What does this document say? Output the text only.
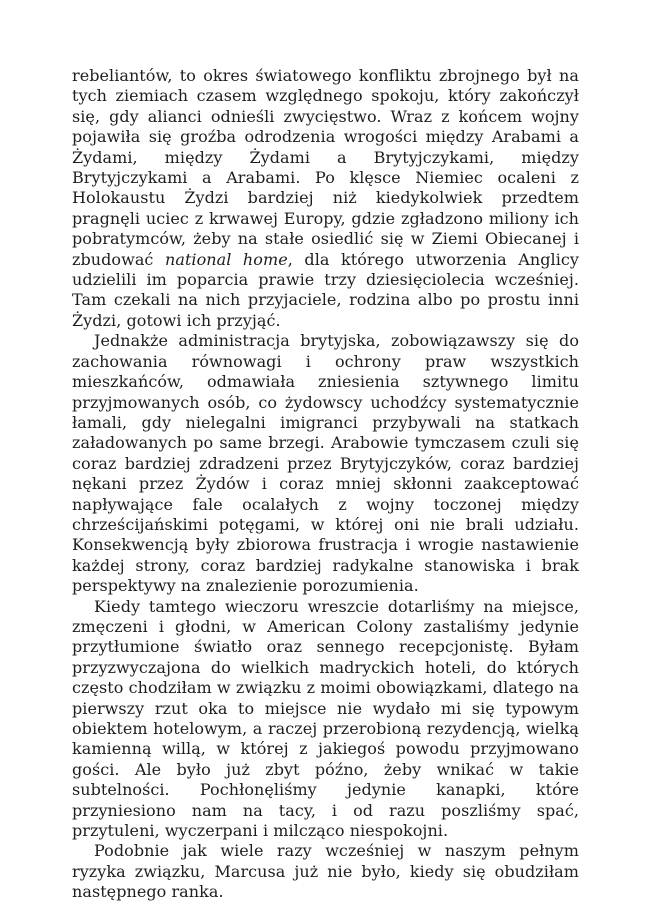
rebeliantów, to okres światowego konfliktu zbrojnego był na tych ziemiach czasem względnego spokoju, który zakończył się, gdy alianci odnieśli zwycięstwo. Wraz z końcem wojny pojawiła się groźba odrodzenia wrogości między Arabami a Żydami, między Żydami a Brytyjczykami, między Brytyjczykami a Arabami. Po klęsce Niemiec ocaleni z Holokaustu Żydzi bardziej niż kiedykolwiek przedtem pragnęli uciec z krwawej Europy, gdzie zgładzono miliony ich pobratymców, żeby na stałe osiedlić się w Ziemi Obiecanej i zbudować national home, dla którego utworzenia Anglicy udzielili im poparcia prawie trzy dziesięciolecia wcześniej. Tam czekali na nich przyjaciele, rodzina albo po prostu inni Żydzi, gotowi ich przyjąć.

Jednakże administracja brytyjska, zobowiązawszy się do zachowania równowagi i ochrony praw wszystkich mieszkańców, odmawiała zniesienia sztywnego limitu przyjmowanych osób, co żydowscy uchodźcy systematycznie łamali, gdy nielegalni imigranci przybywali na statkach załadowanych po same brzegi. Arabowie tymczasem czuli się coraz bardziej zdradzeni przez Brytyjczyków, coraz bardziej nękani przez Żydów i coraz mniej skłonni zaakceptować napływające fale ocalałych z wojny toczonej między chrześcijańskimi potęgami, w której oni nie brali udziału. Konsekwencją były zbiorowa frustracja i wrogie nastawienie każdej strony, coraz bardziej radykalne stanowiska i brak perspektywy na znalezienie porozumienia.

Kiedy tamtego wieczoru wreszcie dotarliśmy na miejsce, zmęczeni i głodni, w American Colony zastaliśmy jedynie przytłumione światło oraz sennego recepcjonistę. Byłam przyzwyczajona do wielkich madryckich hoteli, do których często chodziłam w związku z moimi obowiązkami, dlatego na pierwszy rzut oka to miejsce nie wydało mi się typowym obiektem hotelowym, a raczej przerobioną rezydencją, wielką kamienną willą, w której z jakiegoś powodu przyjmowano gości. Ale było już zbyt późno, żeby wnikać w takie subtelności. Pochłonęliśmy jedynie kanapki, które przyniesiono nam na tacy, i od razu poszliśmy spać, przytuleni, wyczerpani i milcząco niespokojni.

Podobnie jak wiele razy wcześniej w naszym pełnym ryzyka związku, Marcusa już nie było, kiedy się obudziłam następnego ranka.
